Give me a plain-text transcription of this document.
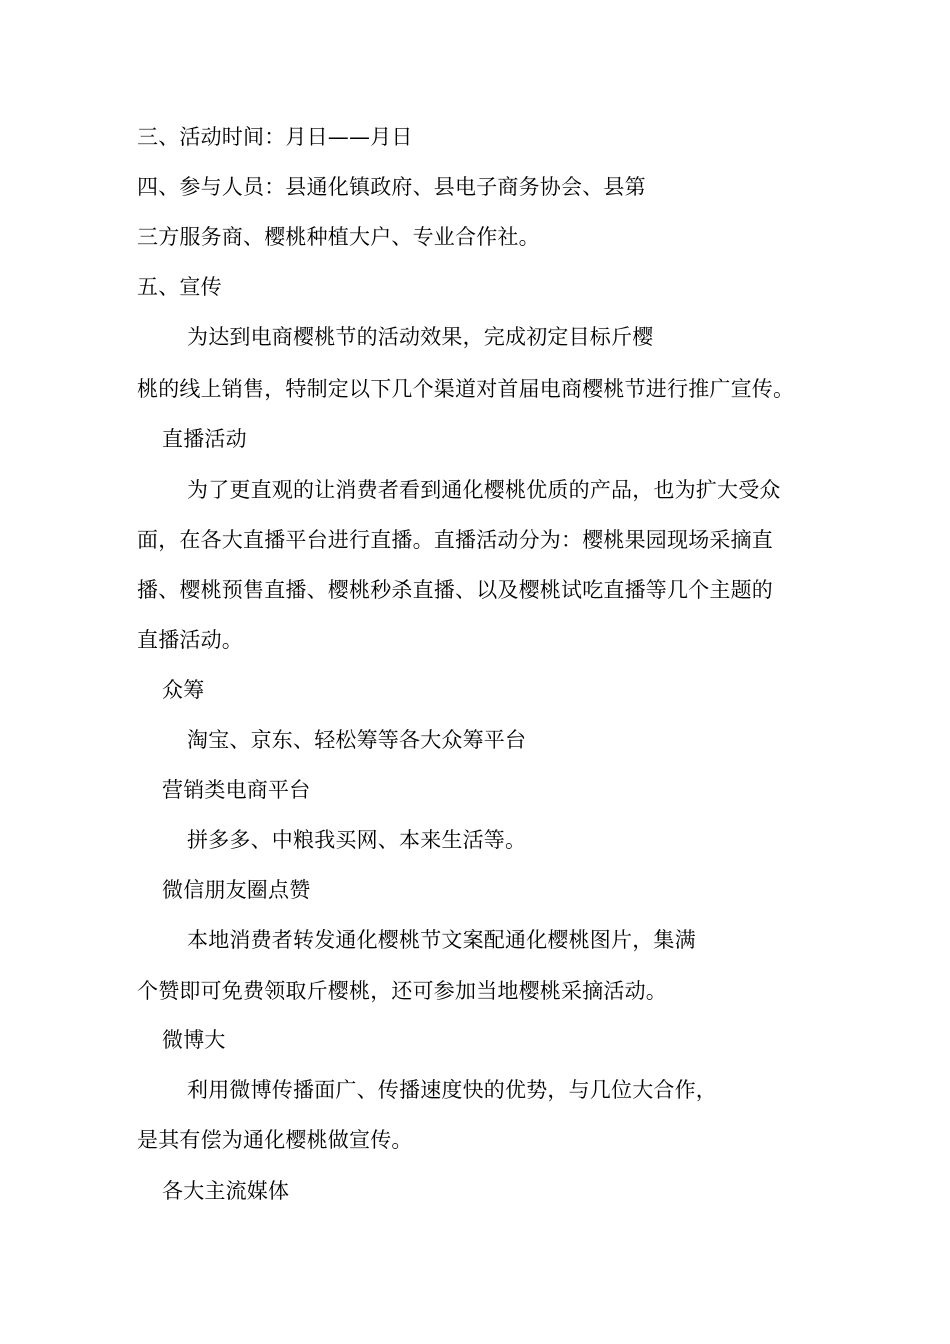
三、活动时间：月日——月日

四、参与人员：县通化镇政府、县电子商务协会、县第

三方服务商、樱桃种植大户、专业合作社。

五、宣传

为达到电商樱桃节的活动效果，完成初定目标斤樱

桃的线上销售，特制定以下几个渠道对首届电商樱桃节进行推广宣传。

直播活动

为了更直观的让消费者看到通化樱桃优质的产品，也为扩大受众

面，在各大直播平台进行直播。直播活动分为：樱桃果园现场采摘直

播、樱桃预售直播、樱桃秒杀直播、以及樱桃试吃直播等几个主题的

直播活动。

众筹

淘宝、京东、轻松筹等各大众筹平台

营销类电商平台

拼多多、中粮我买网、本来生活等。

微信朋友圈点赞

本地消费者转发通化樱桃节文案配通化樱桃图片，集满

个赞即可免费领取斤樱桃，还可参加当地樱桃采摘活动。

微博大

利用微博传播面广、传播速度快的优势，与几位大合作，

是其有偿为通化樱桃做宣传。

各大主流媒体
